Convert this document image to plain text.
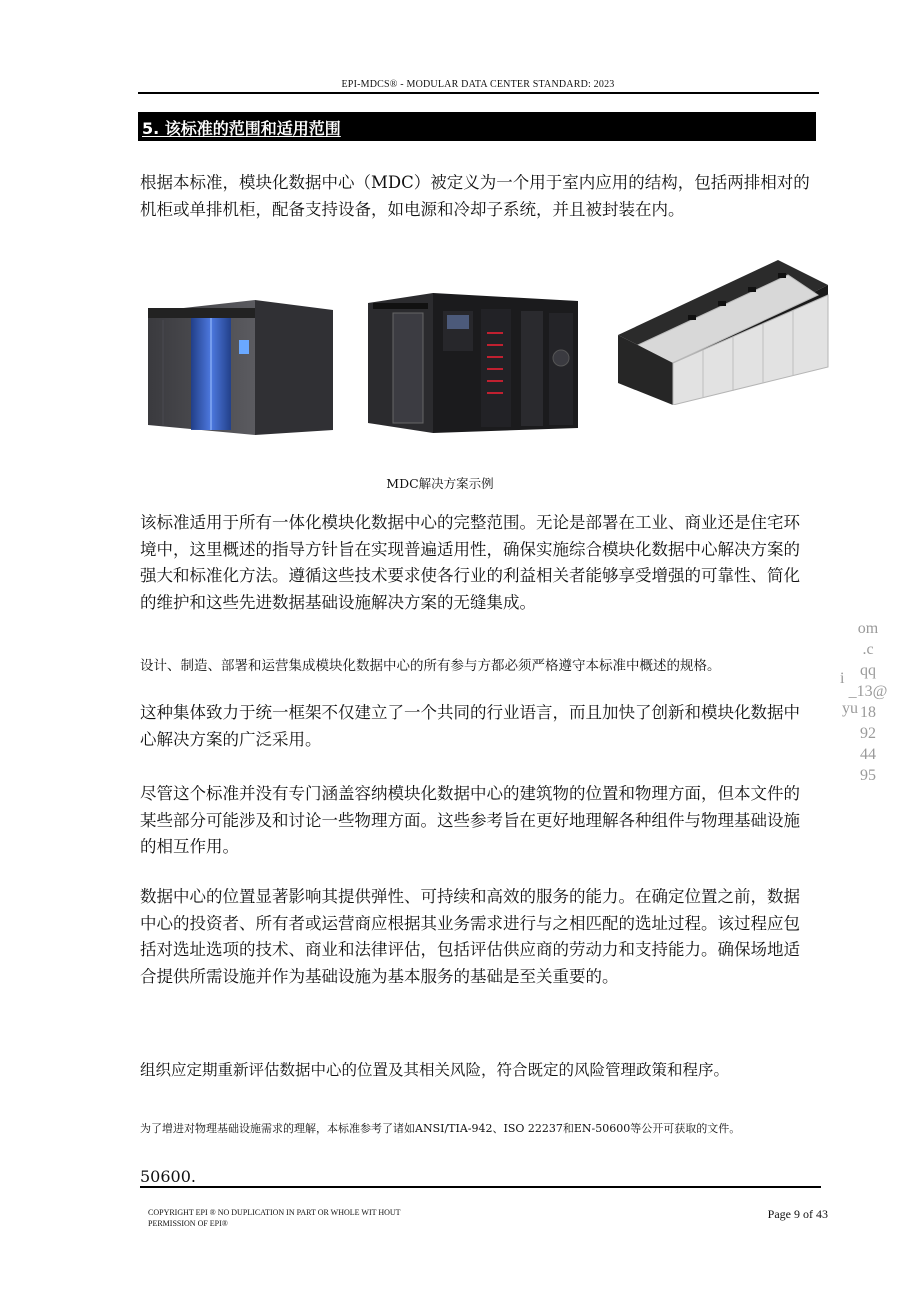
EPI-MDCS® - MODULAR DATA CENTER STANDARD: 2023
5. 该标准的范围和适用范围

根据本标准，模块化数据中心（MDC）被定义为一个用于室内应用的结构，包括两排相对的机柜或单排机柜，配备支持设备，如电源和冷却子系统，并且被封装在内。

MDC解决方案示例

该标准适用于所有一体化模块化数据中心的完整范围。无论是部署在工业、商业还是住宅环境中，这里概述的指导方针旨在实现普遍适用性，确保实施综合模块化数据中心解决方案的强大和标准化方法。遵循这些技术要求使各行业的利益相关者能够享受增强的可靠性、简化的维护和这些先进数据基础设施解决方案的无缝集成。

设计、制造、部署和运营集成模块化数据中心的所有参与方都必须严格遵守本标准中概述的规格。

这种集体致力于统一框架不仅建立了一个共同的行业语言，而且加快了创新和模块化数据中心解决方案的广泛采用。

尽管这个标准并没有专门涵盖容纳模块化数据中心的建筑物的位置和物理方面，但本文件的某些部分可能涉及和讨论一些物理方面。这些参考旨在更好地理解各种组件与物理基础设施的相互作用。

数据中心的位置显著影响其提供弹性、可持续和高效的服务的能力。在确定位置之前，数据中心的投资者、所有者或运营商应根据其业务需求进行与之相匹配的选址过程。该过程应包括对选址选项的技术、商业和法律评估，包括评估供应商的劳动力和支持能力。确保场地适合提供所需设施并作为基础设施为基本服务的基础是至关重要的。

组织应定期重新评估数据中心的位置及其相关风险，符合既定的风险管理政策和程序。

为了增进对物理基础设施需求的理解，本标准参考了诸如ANSI/TIA-942、ISO 22237和EN-50600等公开可获取的文件。

om
.c
qq
_13@
18
92
44
95
i
yu
50600.
COPYRIGHT EPI ® NO DUPLICATION IN PART OR WHOLE WIT HOUT PERMISSION OF EPI®
Page 9 of 43
